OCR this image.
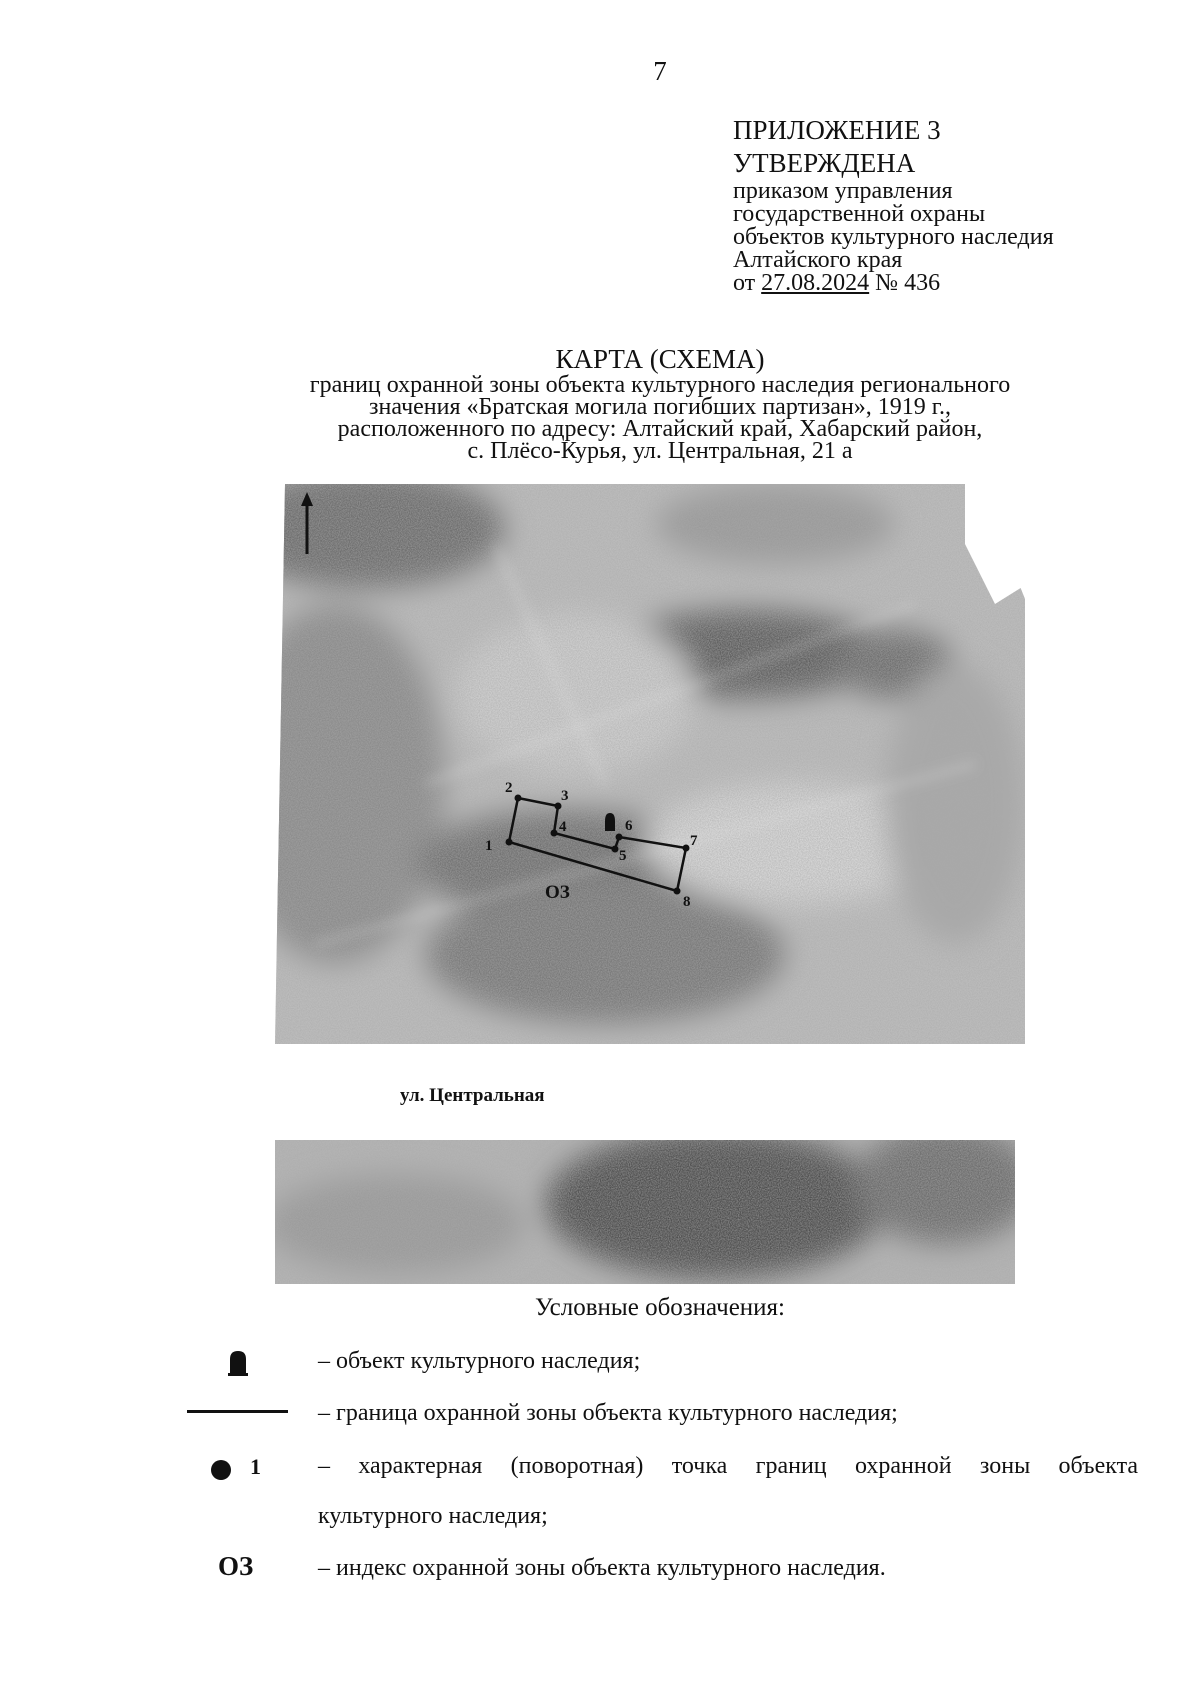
7
ПРИЛОЖЕНИЕ 3
УТВЕРЖДЕНА
приказом управления
государственной охраны
объектов культурного наследия
Алтайского края
от 27.08.2024 № 436
КАРТА (СХЕМА)
границ охранной зоны объекта культурного наследия регионального
значения «Братская могила погибших партизан», 1919 г.,
расположенного по адресу: Алтайский край, Хабарский район,
с. Плёсо-Курья, ул. Центральная, 21 а
1
2	3
4
5
6
7
8
ОЗ
ул. Центральная
Условные обозначения:
– объект культурного наследия;
– граница охранной зоны объекта культурного наследия;
1 – характерная (поворотная) точка границ охранной зоны объекта
культурного наследия;
ОЗ	– индекс охранной зоны объекта культурного наследия.
